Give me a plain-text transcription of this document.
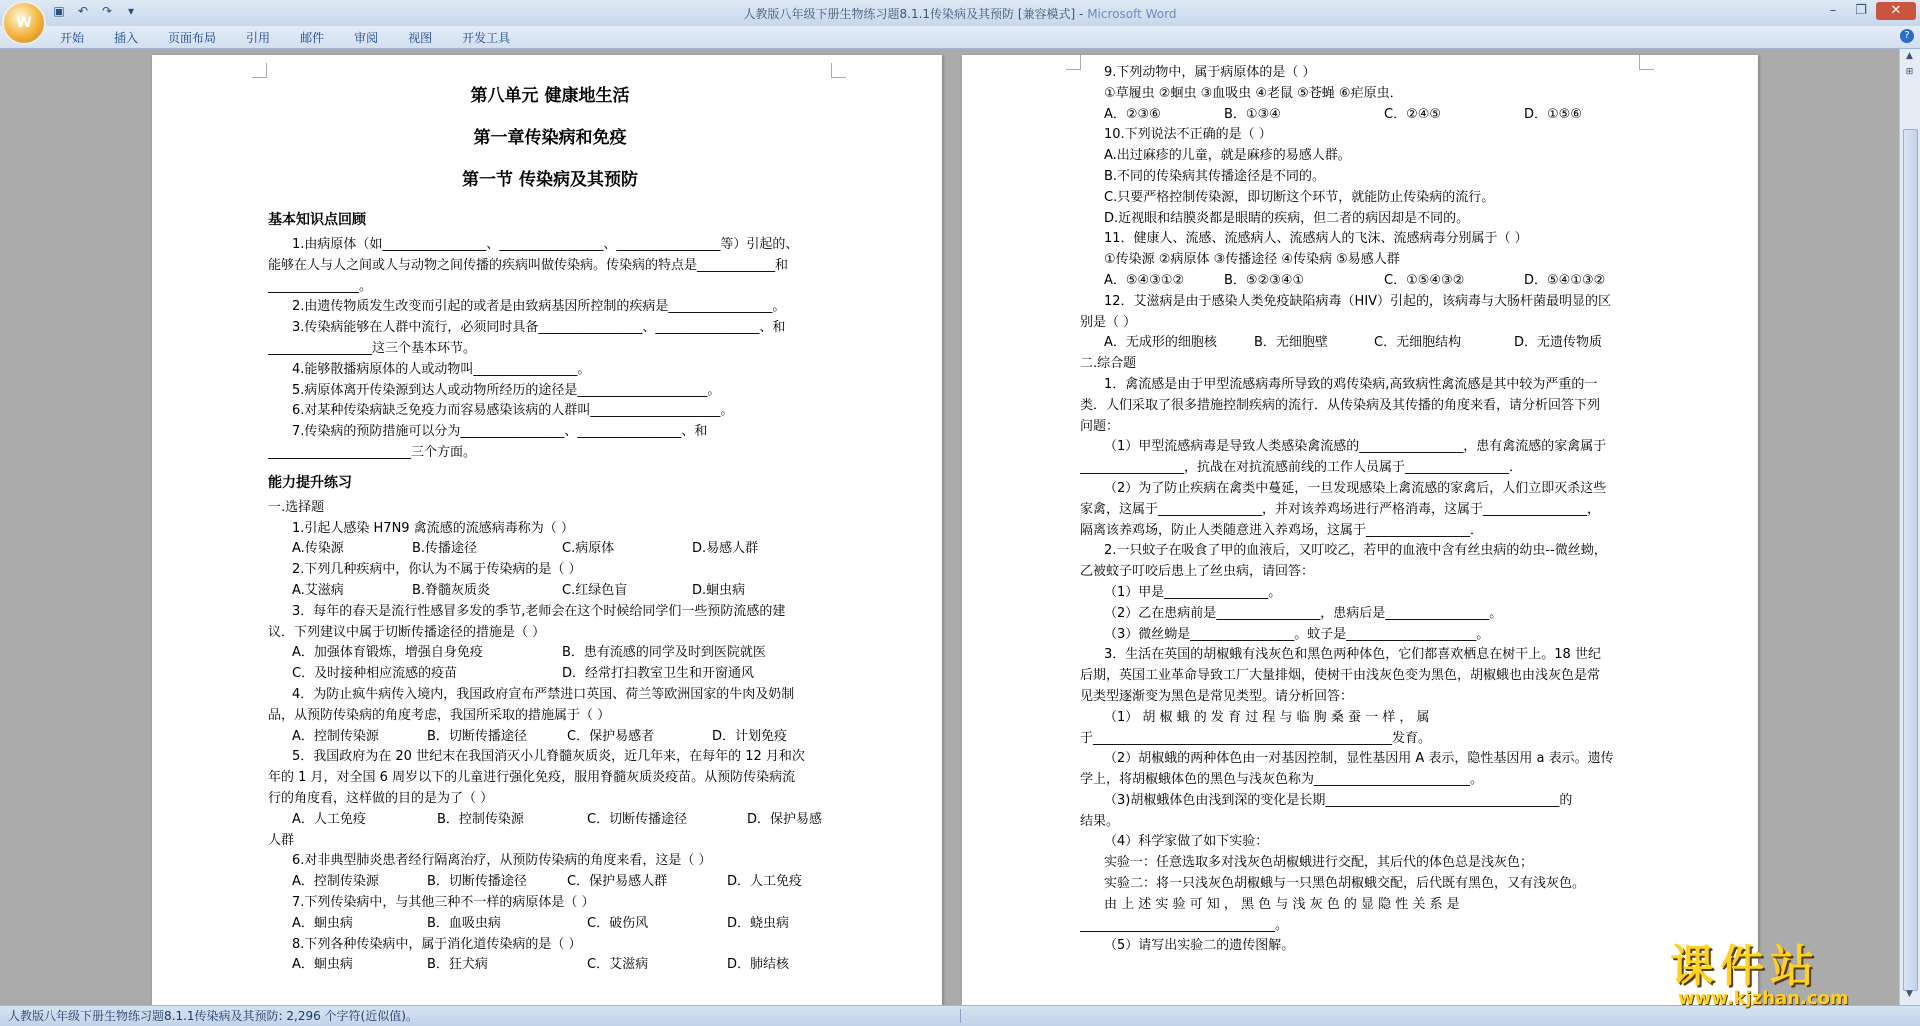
W
▣ ↶ ↷	▾	人教版八年级下册生物练习题8.1.1传染病及其预防 [兼容模式] - Microsoft Word	–	❐	✕
开始	插入	页面布局	引用	邮件	审阅	视图	开发工具	?
第八单元 健康地生活
第一章传染病和免疫
第一节 传染病及其预防
基本知识点回顾
1.由病原体（如________________、________________、________________等）引起的、
能够在人与人之间或人与动物之间传播的疾病叫做传染病。传染病的特点是____________和
______________。
2.由遗传物质发生改变而引起的或者是由致病基因所控制的疾病是________________。
3.传染病能够在人群中流行，必须同时具备________________、________________、和
________________这三个基本环节。
4.能够散播病原体的人或动物叫________________。
5.病原体离开传染源到达人或动物所经历的途径是____________________。
6.对某种传染病缺乏免疫力而容易感染该病的人群叫____________________。
7.传染病的预防措施可以分为________________、________________、和
______________________三个方面。
能力提升练习
一.选择题
1.引起人感染 H7N9 禽流感的流感病毒称为（ ）
A.传染源	B.传播途径	C.病原体	D.易感人群
2.下列几种疾病中，你认为不属于传染病的是（ ）
A.艾滋病	B.脊髓灰质炎	C.红绿色盲	D.蛔虫病
3．每年的春天是流行性感冒多发的季节,老师会在这个时候给同学们一些预防流感的建
议．下列建议中属于切断传播途径的措施是（ ）
A．加强体育锻炼，增强自身免疫	B．患有流感的同学及时到医院就医
C．及时接种相应流感的疫苗	D．经常打扫教室卫生和开窗通风
4．为防止疯牛病传入境内，我国政府宣布严禁进口英国、荷兰等欧洲国家的牛肉及奶制
品，从预防传染病的角度考虑，我国所采取的措施属于（ ）
A．控制传染源	B．切断传播途径	C．保护易感者	D．计划免疫
5．我国政府为在 20 世纪末在我国消灭小儿脊髓灰质炎，近几年来，在每年的 12 月和次
年的 1 月，对全国 6 周岁以下的儿童进行强化免疫，服用脊髓灰质炎疫苗。从预防传染病流
行的角度看，这样做的目的是为了（ ）
A．人工免疫	B．控制传染源	C．切断传播途径	D．保护易感
人群
6.对非典型肺炎患者经行隔离治疗，从预防传染病的角度来看，这是（ ）
A．控制传染源	B．切断传播途径	C．保护易感人群	D．人工免疫
7.下列传染病中，与其他三种不一样的病原体是（ ）
A．蛔虫病	B．血吸虫病	C．破伤风	D．蛲虫病
8.下列各种传染病中，属于消化道传染病的是（ ）
A．蛔虫病	B．狂犬病	C．艾滋病	D．肺结核
9.下列动物中，属于病原体的是（ ）
①草履虫 ②蛔虫 ③血吸虫 ④老鼠 ⑤苍蝇 ⑥疟原虫．
A．②③⑥	B．①③④	C．②④⑤	D．①⑤⑥
10.下列说法不正确的是（ ）
A.出过麻疹的儿童，就是麻疹的易感人群。
B.不同的传染病其传播途径是不同的。
C.只要严格控制传染源，即切断这个环节，就能防止传染病的流行。
D.近视眼和结膜炎都是眼睛的疾病，但二者的病因却是不同的。
11．健康人、流感、流感病人、流感病人的飞沫、流感病毒分别属于（ ）
①传染源 ②病原体 ③传播途径 ④传染病 ⑤易感人群
A．⑤④③①②	B．⑤②③④①	C．①⑤④③②	D．⑤④①③②
12．艾滋病是由于感染人类免疫缺陷病毒（HIV）引起的，该病毒与大肠杆菌最明显的区
别是（ ）
A．无成形的细胞核	B．无细胞壁	C．无细胞结构	D．无遗传物质
二.综合题
1．禽流感是由于甲型流感病毒所导致的鸡传染病,高致病性禽流感是其中较为严重的一
类．人们采取了很多措施控制疾病的流行．从传染病及其传播的角度来看，请分析回答下列
问题：
（1）甲型流感病毒是导致人类感染禽流感的________________，患有禽流感的家禽属于
________________，抗战在对抗流感前线的工作人员属于________________．
（2）为了防止疾病在禽类中蔓延，一旦发现感染上禽流感的家禽后，人们立即灭杀这些
家禽，这属于________________，并对该养鸡场进行严格消毒，这属于________________，
隔离该养鸡场，防止人类随意进入养鸡场，这属于________________．
2.一只蚊子在吸食了甲的血液后，又叮咬乙，若甲的血液中含有丝虫病的幼虫--微丝蚴，
乙被蚊子叮咬后患上了丝虫病，请回答：
（1）甲是________________。
（2）乙在患病前是________________，患病后是________________。
（3）微丝蚴是________________。蚊子是____________________。
3．生活在英国的胡椒蛾有浅灰色和黑色两种体色，它们都喜欢栖息在树干上。18 世纪
后期，英国工业革命导致工厂大量排烟，使树干由浅灰色变为黑色，胡椒蛾也由浅灰色是常
见类型逐渐变为黑色是常见类型。请分析回答：
（1） 胡 椒 蛾 的 发 育 过 程 与 临 朐 桑 蚕 一 样 ， 属
于______________________________________________发育。
（2）胡椒蛾的两种体色由一对基因控制，显性基因用 A 表示，隐性基因用 a 表示。遗传
学上，将胡椒蛾体色的黑色与浅灰色称为________________________。
（3)胡椒蛾体色由浅到深的变化是长期____________________________________的
结果。
（4）科学家做了如下实验：
实验一：任意选取多对浅灰色胡椒蛾进行交配，其后代的体色总是浅灰色；
实验二：将一只浅灰色胡椒蛾与一只黑色胡椒蛾交配，后代既有黑色，又有浅灰色。
由 上 述 实 验 可 知 ， 黑 色 与 浅 灰 色 的 显 隐 性 关 系 是
______________________________。
（5）请写出实验二的遗传图解。
▲
⊞
▼
人教版八年级下册生物练习题8.1.1传染病及其预防: 2,296 个字符(近似值)。
课件站
www.kjzhan.com
